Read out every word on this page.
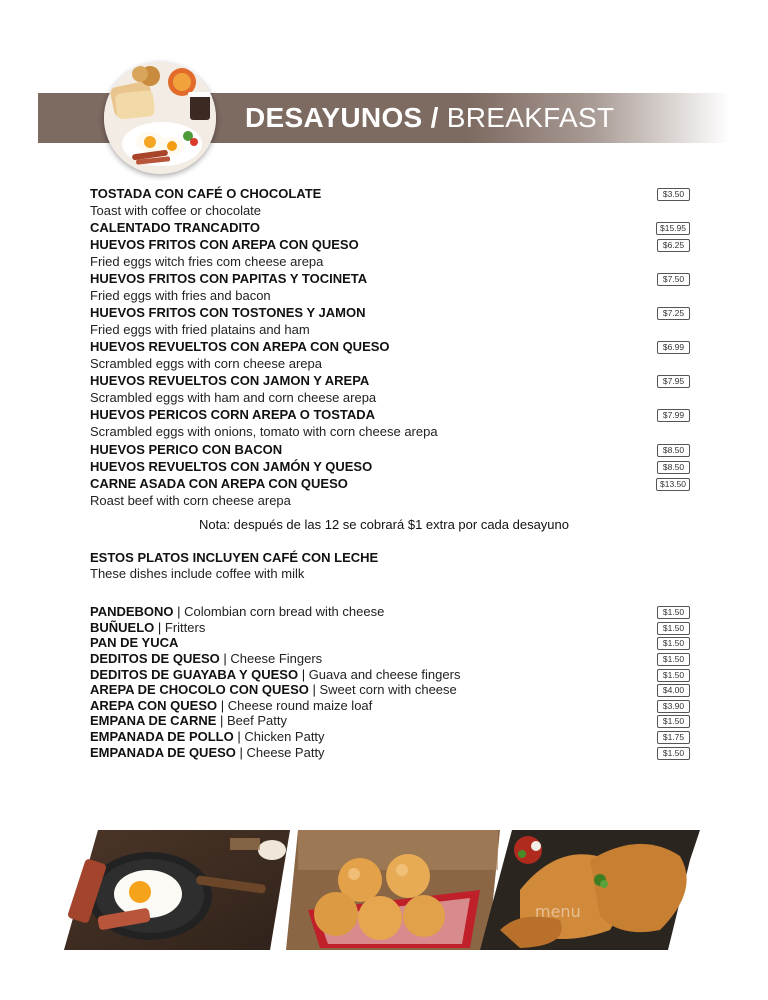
DESAYUNOS / BREAKFAST
TOSTADA CON CAFÉ O CHOCOLATE	$3.50
Toast with coffee or chocolate
CALENTADO TRANCADITO	$15.95
HUEVOS FRITOS CON AREPA CON QUESO	$6.25
Fried eggs witch fries com cheese arepa
HUEVOS FRITOS CON PAPITAS Y TOCINETA	$7.50
Fried eggs with fries and bacon
HUEVOS FRITOS CON TOSTONES Y JAMON	$7.25
Fried eggs with fried platains and ham
HUEVOS REVUELTOS CON AREPA CON QUESO	$6.99
Scrambled eggs with corn cheese arepa
HUEVOS REVUELTOS CON JAMON Y AREPA	$7.95
Scrambled eggs with ham and corn cheese arepa
HUEVOS PERICOS CORN AREPA O TOSTADA	$7.99
Scrambled eggs with onions, tomato with corn cheese arepa
HUEVOS PERICO CON BACON	$8.50
HUEVOS REVUELTOS CON JAMÓN Y QUESO	$8.50
CARNE ASADA CON AREPA CON QUESO	$13.50
Roast beef with corn cheese arepa
Nota: después de las 12 se cobrará $1 extra por cada desayuno
ESTOS PLATOS INCLUYEN CAFÉ CON LECHE
These dishes include coffee with milk
PANDEBONO | Colombian corn bread with cheese	$1.50
BUÑUELO | Fritters	$1.50
PAN DE YUCA	$1.50
DEDITOS DE QUESO | Cheese Fingers	$1.50
DEDITOS DE GUAYABA Y QUESO | Guava and cheese fingers	$1.50
AREPA DE CHOCOLO CON QUESO | Sweet corn with cheese	$4.00
AREPA CON QUESO | Cheese round maize loaf	$3.90
EMPANA DE CARNE | Beef Patty	$1.50
EMPANADA DE POLLO | Chicken Patty	$1.75
EMPANADA DE QUESO | Cheese Patty	$1.50
menu
